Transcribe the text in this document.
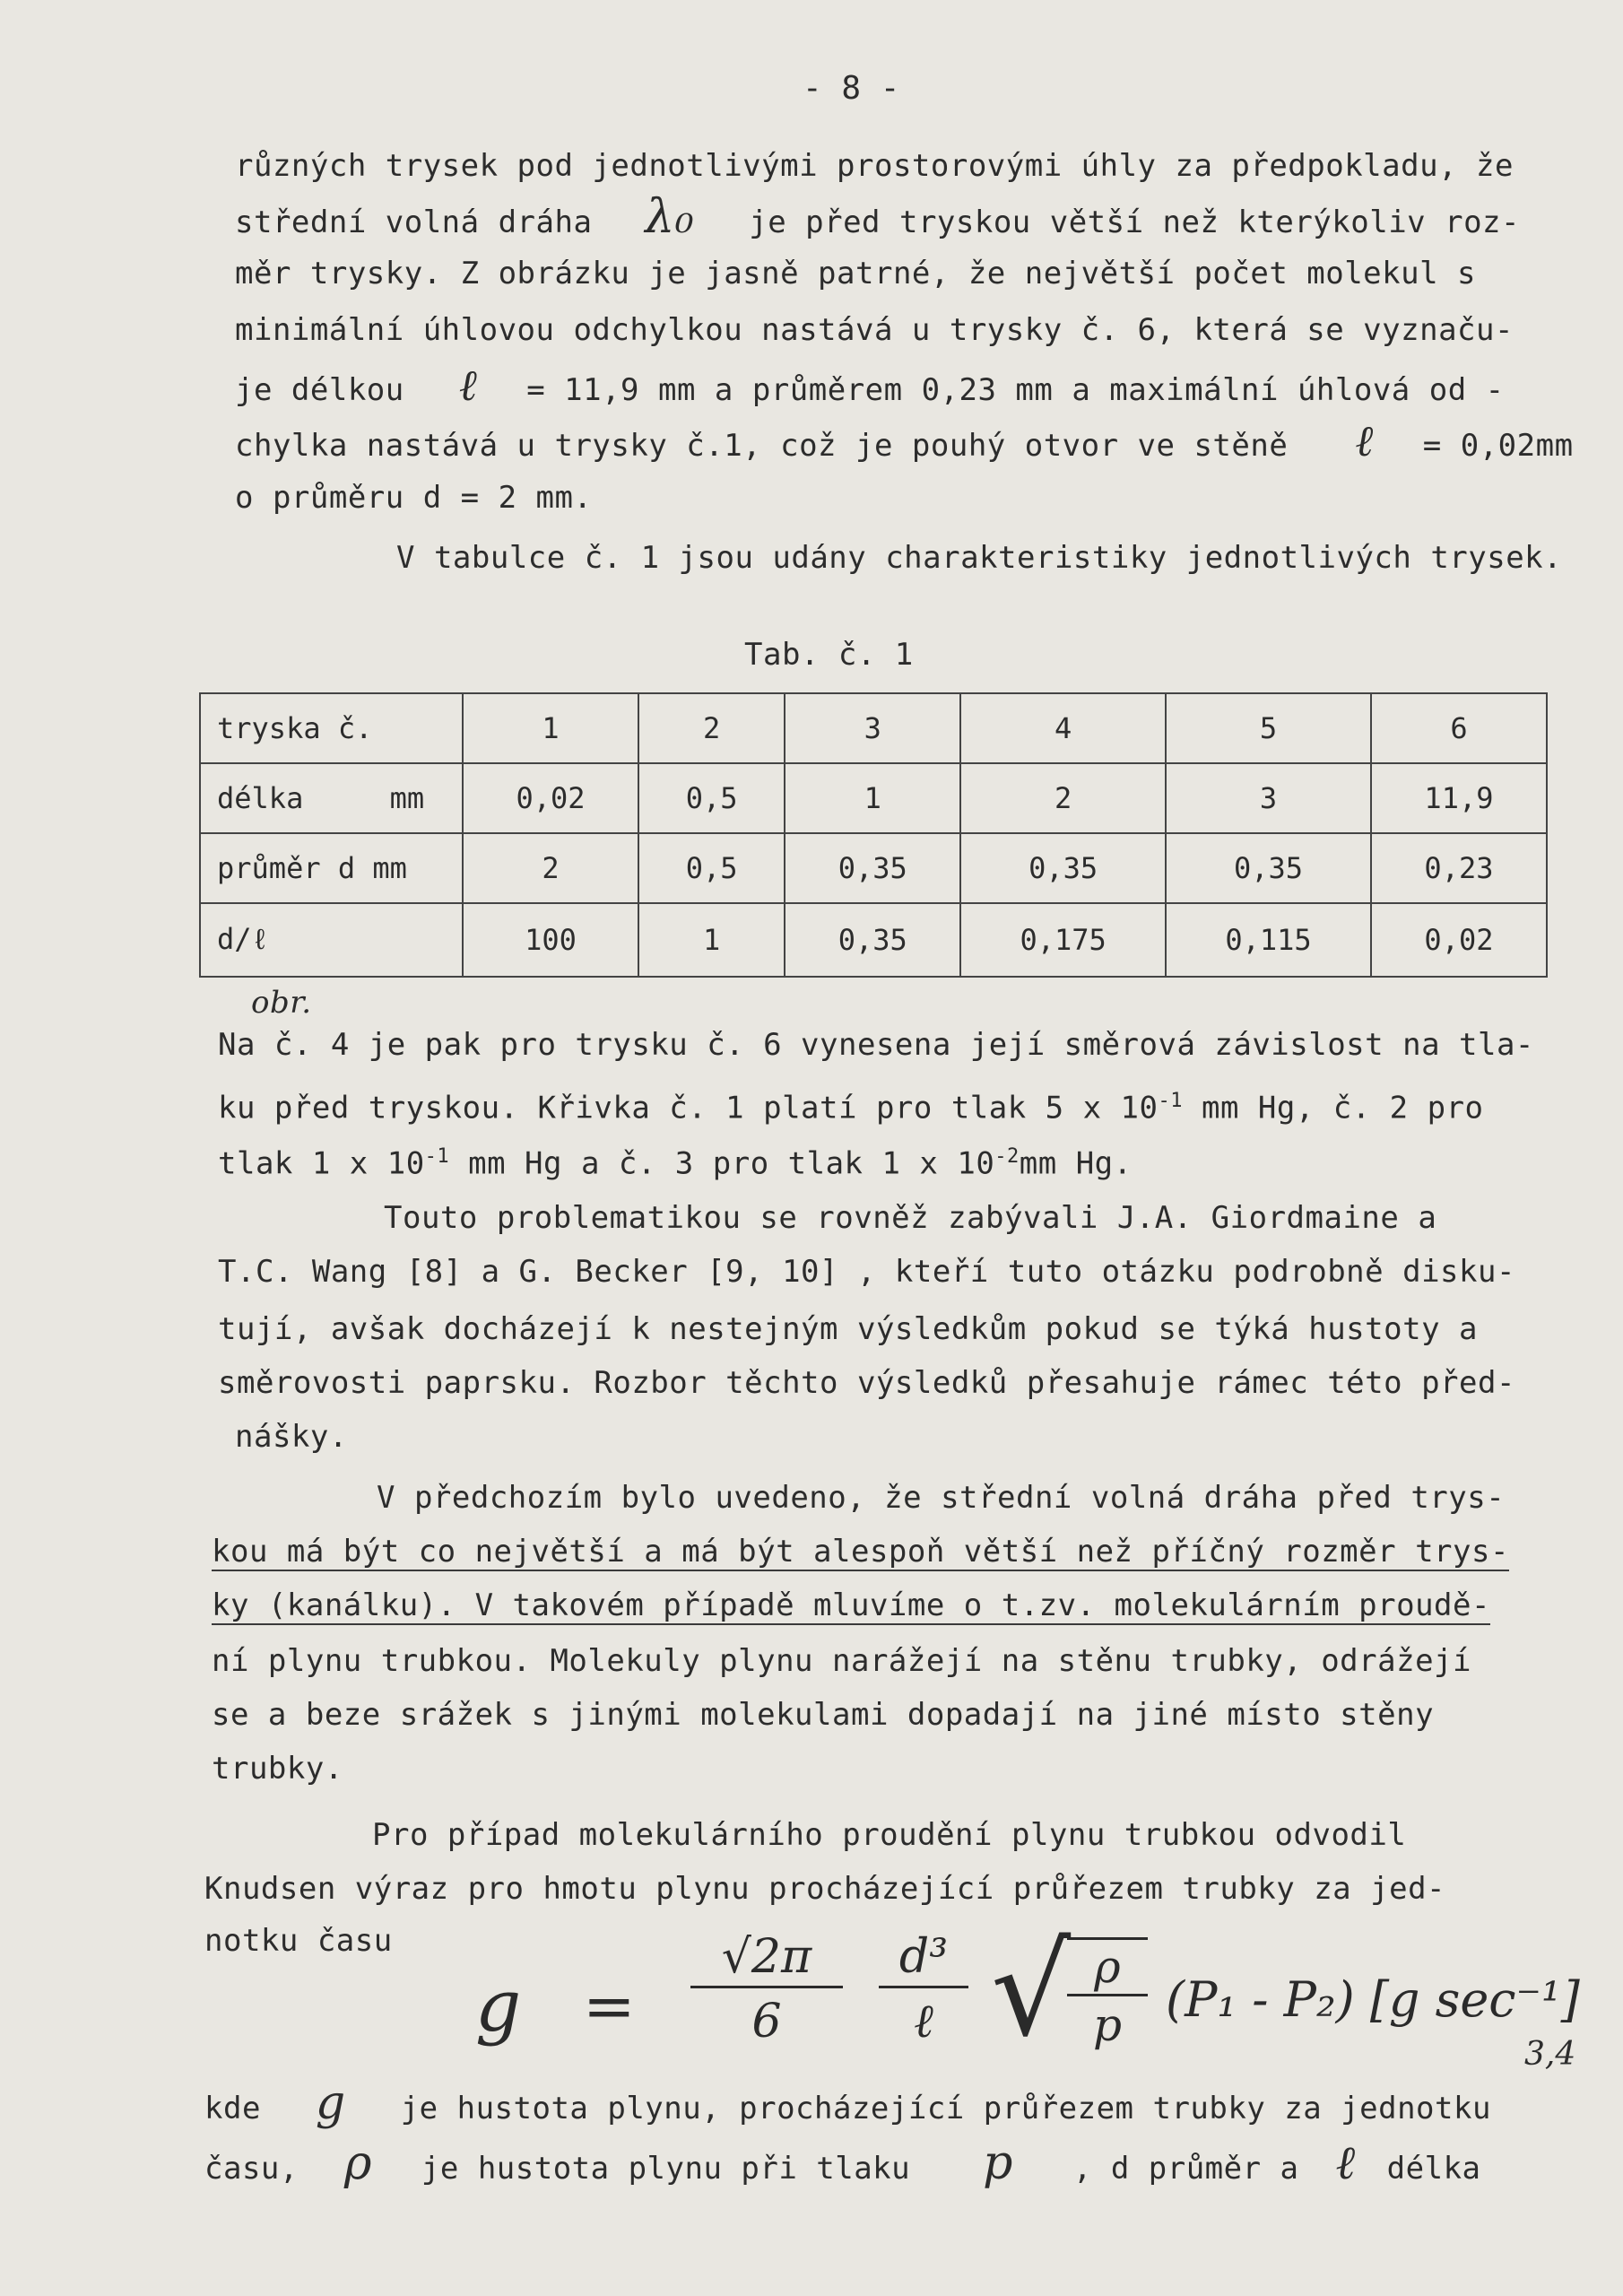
- 8 -
různých trysek pod jednotlivými prostorovými úhly za předpokladu, že
střední volná dráha λ₀ je před tryskou větší než kterýkoliv roz-
měr trysky. Z obrázku je jasně patrné, že největší počet molekul s
minimální úhlovou odchylkou nastává u trysky č. 6, která se vyznaču-
je délkou ℓ = 11,9 mm a průměrem 0,23 mm a maximální úhlová od -
chylka nastává u trysky č.1, což je pouhý otvor ve stěně ℓ = 0,02mm
o průměru d = 2 mm.
V tabulce č. 1 jsou udány charakteristiky jednotlivých trysek.
Tab. č. 1
tryska č.	1	2	3	4	5	6
délka     mm	0,02	0,5	1	2	3	11,9
průměr d mm	2	0,5	0,35	0,35	0,35	0,23
d/ℓ	100	1	0,35	0,175	0,115	0,02
obr.
Na č. 4 je pak pro trysku č. 6 vynesena její směrová závislost na tla-
ku před tryskou. Křivka č. 1 platí pro tlak 5 x $10^{-1}$ mm Hg, č. 2 pro
tlak 1 x $10^{-1}$ mm Hg a č. 3 pro tlak 1 x $10^{-2}mm$ Hg.
Touto problematikou se rovněž zabývali J.A. Giordmaine a
T.C. Wang [8] a G. Becker [9, 10] , kteří tuto otázku podrobně disku-
tují, avšak docházejí k nestejným výsledkům pokud se týká hustoty a
směrovosti paprsku. Rozbor těchto výsledků přesahuje rámec této před-
nášky.
V předchozím bylo uvedeno, že střední volná dráha před trys-
kou má být co největší a má být alespoň větší než příčný rozměr trys-
ky (kanálku). V takovém případě mluvíme o t.zv. molekulárním proudě-
ní plynu trubkou. Molekuly plynu narážejí na stěnu trubky, odrážejí
se a beze srážek s jinými molekulami dopadají na jiné místo stěny
trubky.
Pro případ molekulárního proudění plynu trubkou odvodil
Knudsen výraz pro hmotu plynu procházející průřezem trubky za jed-
notku času
$g = \frac{√2\pi}{6}$	d³
ℓ √
$\frac{\rho}{p} (P_1 - P_2)$ [g sec⁻¹]
3,4
kde g je hustota plynu, procházející průřezem trubky za jednotku
času, ρ je hustota plynu při tlaku p , d průměr a ℓ délka
